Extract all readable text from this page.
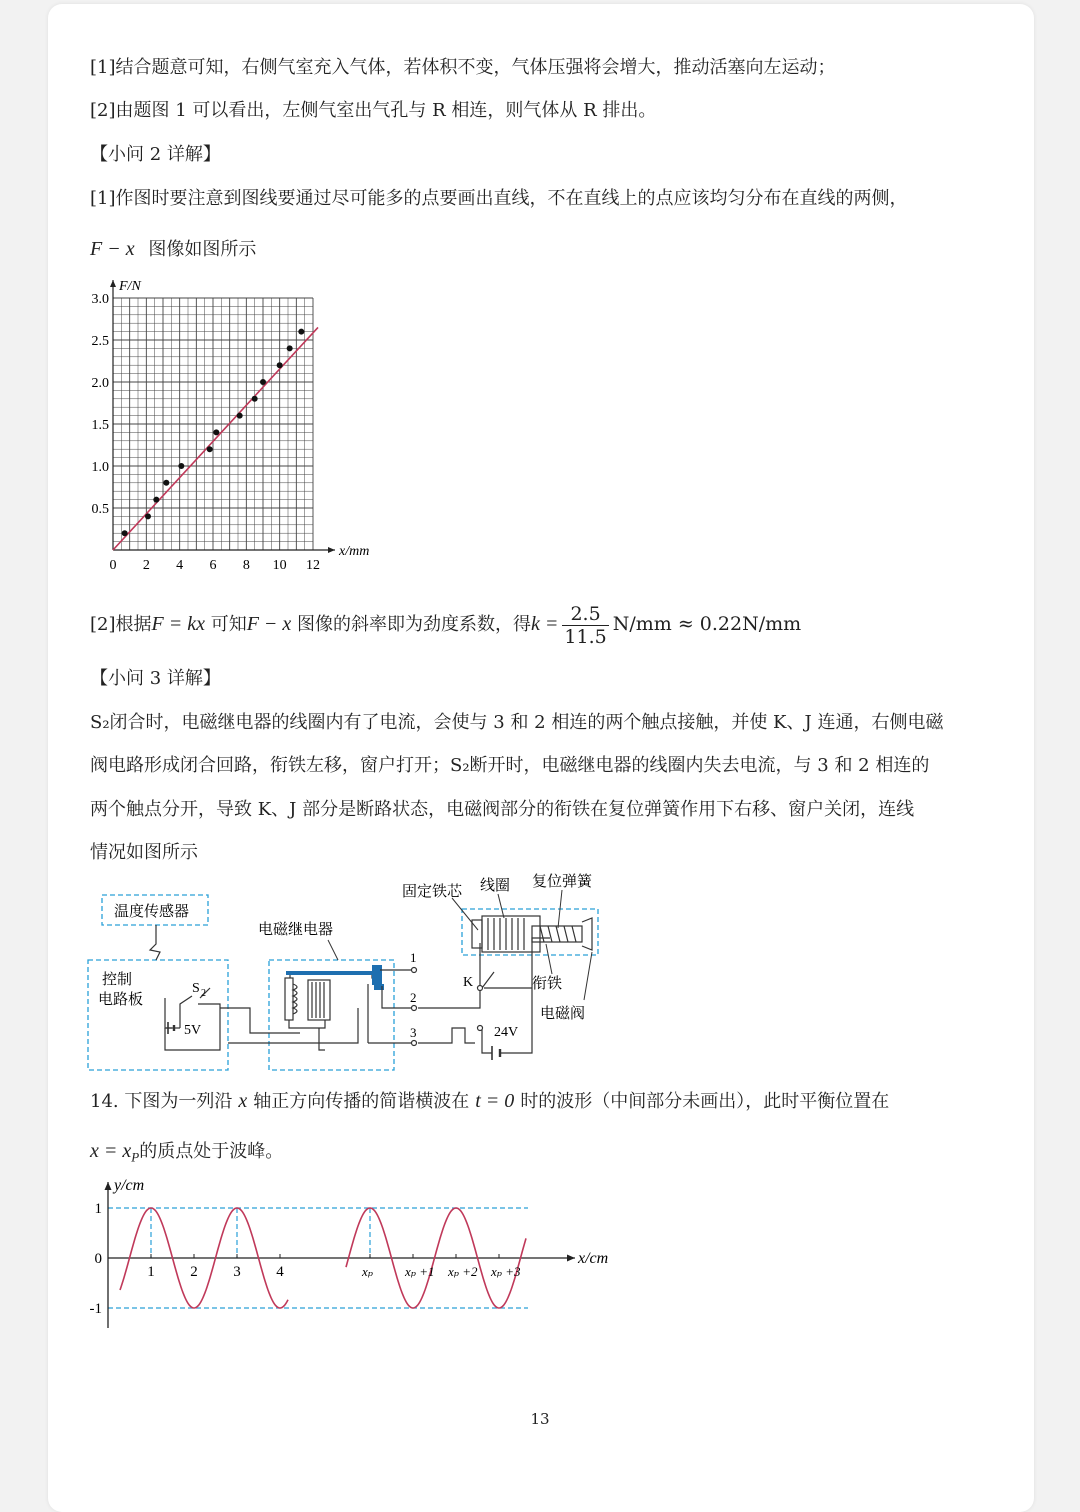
[1]结合题意可知，右侧气室充入气体，若体积不变，气体压强将会增大，推动活塞向左运动；
[2]由题图 1 可以看出，左侧气室出气孔与 R 相连，则气体从 R 排出。
【小问 2 详解】
[1]作图时要注意到图线要通过尽可能多的点要画出直线，不在直线上的点应该均匀分布在直线的两侧，
F − x 图像如图所示
x/mm
F/N
0 2 4 6 8 10 12
0.5
1.0
1.5
2.0
2.5
3.0
[2]根据F = kx 可知F − x 图像的斜率即为劲度系数，得$k = \frac{2.5}{11.5} N/mm \approx 0.22N/mm$
【小问 3 详解】
S₂闭合时，电磁继电器的线圈内有了电流，会使与 3 和 2 相连的两个触点接触，并使 K、J 连通，右侧电磁
阀电路形成闭合回路，衔铁左移，窗户打开；S₂断开时，电磁继电器的线圈内失去电流，与 3 和 2 相连的
两个触点分开，导致 K、J 部分是断路状态，电磁阀部分的衔铁在复位弹簧作用下右移、窗户关闭，连线
情况如图所示
温度传感器
控制
电路板
S 2
5V
电磁继电器
1
2
3
K
24V
固定铁芯 线圈 复位弹簧
衔铁
电磁阀
14. 下图为一列沿 x 轴正方向传播的简谐横波在 t = 0 时的波形（中间部分未画出），此时平衡位置在
$x = x_P$的质点处于波峰。
y/cm
x/cm
1
0
-1
1 2 3 4	xₚ xₚ +1 xₚ +2 xₚ +3
13
